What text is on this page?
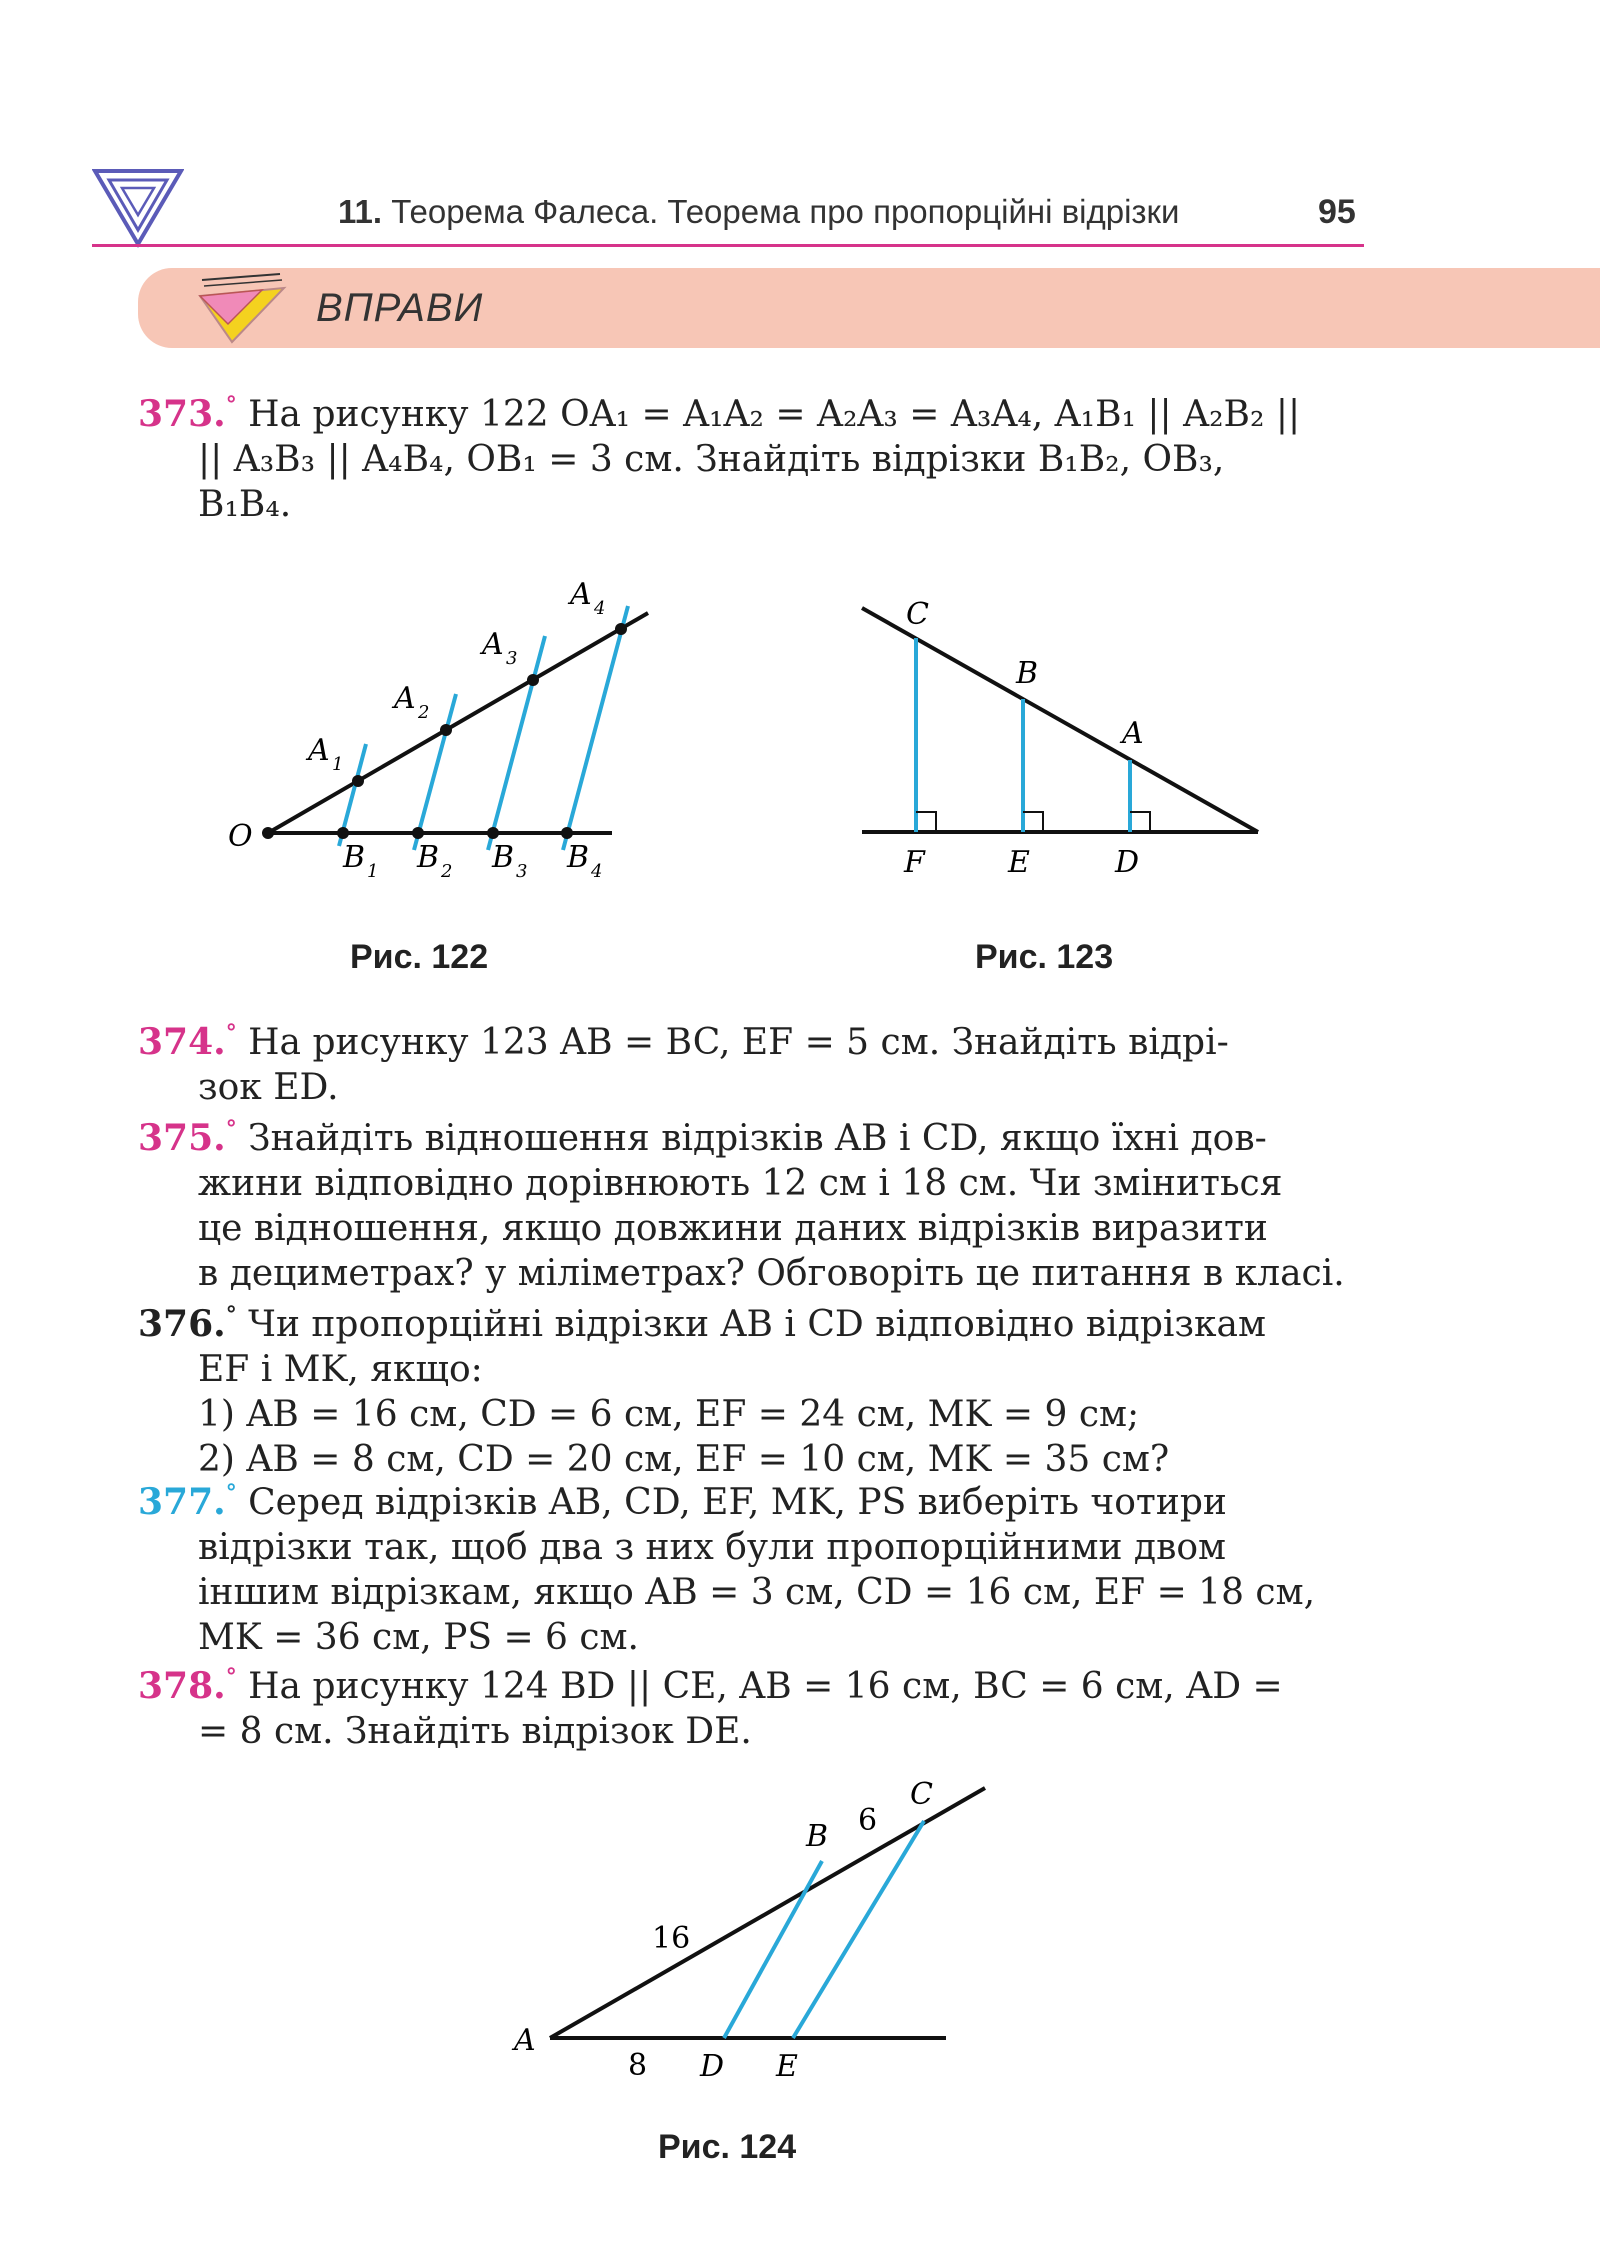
11. Теорема Фалеса. Теорема про пропорційні відрізки	95
ВПРАВИ
373.° На рисунку 122 OA₁ = A₁A₂ = A₂A₃ = A₃A₄, A₁B₁ || A₂B₂ ||
|| A₃B₃ || A₄B₄, OB₁ = 3 см. Знайдіть відрізки B₁B₂, OB₃,
B₁B₄.
O
A 1
A 2
A 3
A 4
B 1 B 2 B 3 B 4
Рис. 122
C
B
A
F	E	D
Рис. 123
374.° На рисунку 123 AB = BC, EF = 5 см. Знайдіть відрі-
зок ED.
375.° Знайдіть відношення відрізків AB і CD, якщо їхні дов-
жини відповідно дорівнюють 12 см і 18 см. Чи зміниться
це відношення, якщо довжини даних відрізків виразити
в дециметрах? у міліметрах? Обговоріть це питання в класі.
376.° Чи пропорційні відрізки AB і CD відповідно відрізкам
EF і MK, якщо:
1) AB = 16 см, CD = 6 см, EF = 24 см, MK = 9 см;
2) AB = 8 см, CD = 20 см, EF = 10 см, MK = 35 см?
377.° Серед відрізків AB, CD, EF, MK, PS виберіть чотири
відрізки так, щоб два з них були пропорційними двом
іншим відрізкам, якщо AB = 3 см, CD = 16 см, EF = 18 см,
MK = 36 см, PS = 6 см.
378.° На рисунку 124 BD || CE, AB = 16 см, BC = 6 см, AD =
= 8 см. Знайдіть відрізок DE.
A
B
C
D E
16
6
8
Рис. 124
